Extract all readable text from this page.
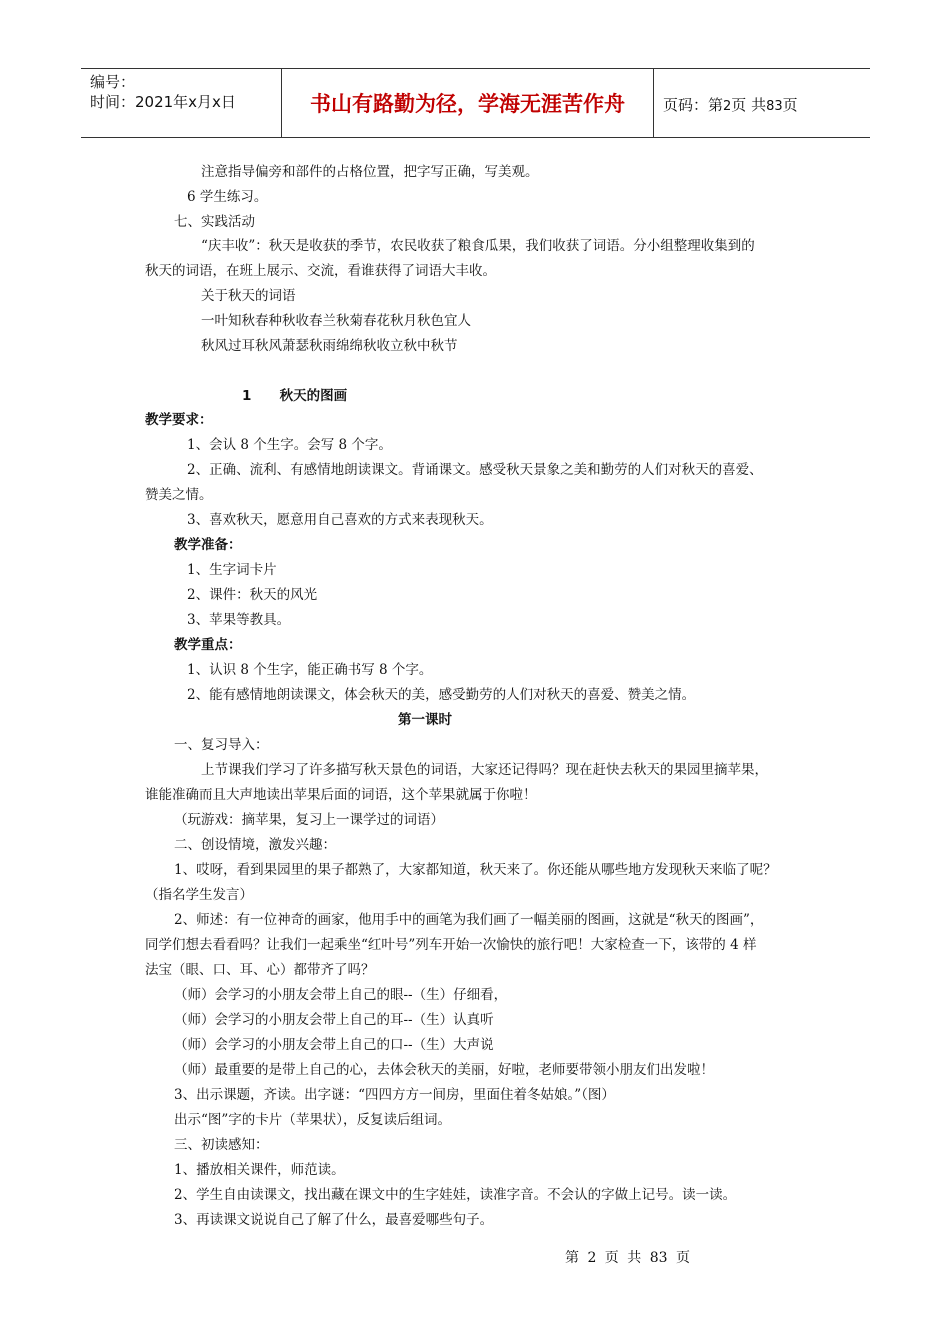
编号：
时间：2021年x月x日	书山有路勤为径，学海无涯苦作舟	页码：第2页 共83页
注意指导偏旁和部件的占格位置，把字写正确，写美观。
6 学生练习。
七、实践活动
“庆丰收”：秋天是收获的季节，农民收获了粮食瓜果，我们收获了词语。分小组整理收集到的
秋天的词语，在班上展示、交流，看谁获得了词语大丰收。
关于秋天的词语
一叶知秋春种秋收春兰秋菊春花秋月秋色宜人
秋风过耳秋风萧瑟秋雨绵绵秋收立秋中秋节
1      秋天的图画
教学要求：
1、会认 8 个生字。会写 8 个字。
2、正确、流利、有感情地朗读课文。背诵课文。感受秋天景象之美和勤劳的人们对秋天的喜爱、
赞美之情。
3、喜欢秋天，愿意用自己喜欢的方式来表现秋天。
教学准备：
1、生字词卡片
2、课件：秋天的风光
3、苹果等教具。
教学重点：
1、认识 8 个生字，能正确书写 8 个字。
2、能有感情地朗读课文，体会秋天的美，感受勤劳的人们对秋天的喜爱、赞美之情。
第一课时
一、复习导入：
上节课我们学习了许多描写秋天景色的词语，大家还记得吗？现在赶快去秋天的果园里摘苹果，
谁能准确而且大声地读出苹果后面的词语，这个苹果就属于你啦！
（玩游戏：摘苹果，复习上一课学过的词语）
二、创设情境，激发兴趣：
1、哎呀，看到果园里的果子都熟了，大家都知道，秋天来了。你还能从哪些地方发现秋天来临了呢？
（指名学生发言）
2、师述：有一位神奇的画家，他用手中的画笔为我们画了一幅美丽的图画，这就是“秋天的图画”，
同学们想去看看吗？让我们一起乘坐“红叶号”列车开始一次愉快的旅行吧！大家检查一下，该带的 4 样
法宝（眼、口、耳、心）都带齐了吗？
（师）会学习的小朋友会带上自己的眼--（生）仔细看，
（师）会学习的小朋友会带上自己的耳--（生）认真听
（师）会学习的小朋友会带上自己的口--（生）大声说
（师）最重要的是带上自己的心，去体会秋天的美丽，好啦，老师要带领小朋友们出发啦！
3、出示课题，齐读。出字谜：“四四方方一间房，里面住着冬姑娘。”（图）
出示“图”字的卡片（苹果状），反复读后组词。
三、初读感知：
1、播放相关课件，师范读。
2、学生自由读课文，找出藏在课文中的生字娃娃，读准字音。不会认的字做上记号。读一读。
3、再读课文说说自己了解了什么，最喜爱哪些句子。
第 2 页 共 83 页
